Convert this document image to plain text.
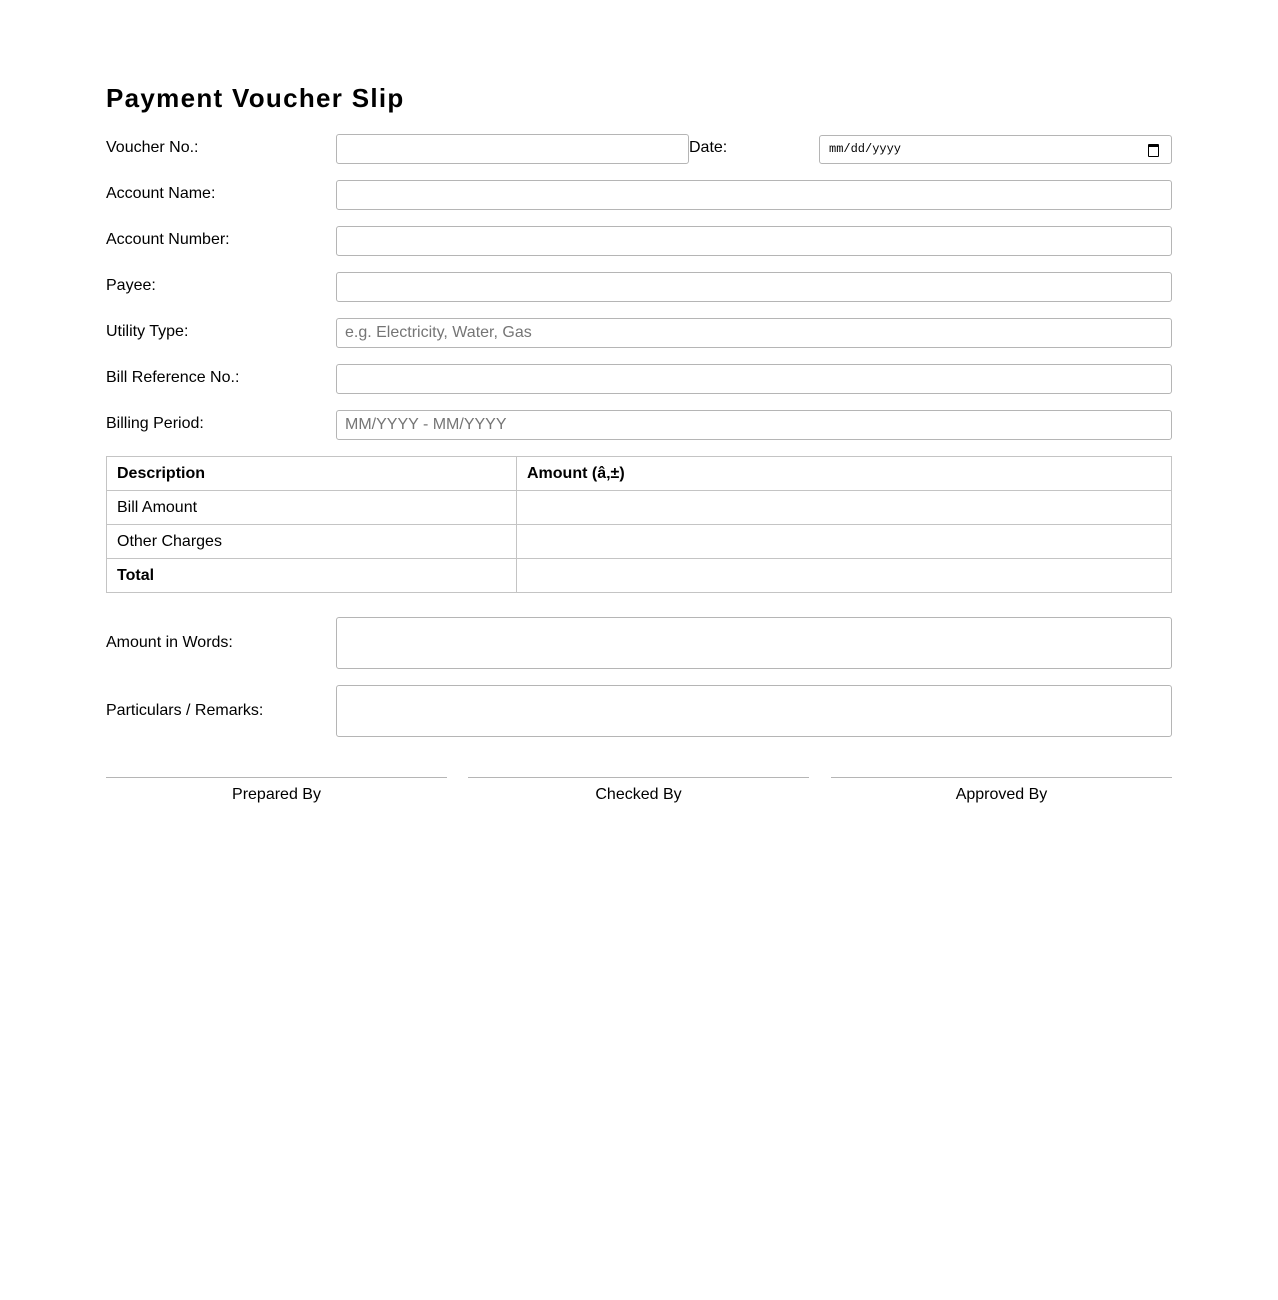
Payment Voucher Slip
Voucher No.:	Date:	mm/dd/yyyy
Account Name:
Account Number:
Payee:
Utility Type:
e.g. Electricity, Water, Gas
Bill Reference No.:
Billing Period:
MM/YYYY - MM/YYYY
Description	Amount (â‚±)
Bill Amount	
Other Charges	
Total	
Amount in Words:
Particulars / Remarks:
Prepared By	Checked By	Approved By
